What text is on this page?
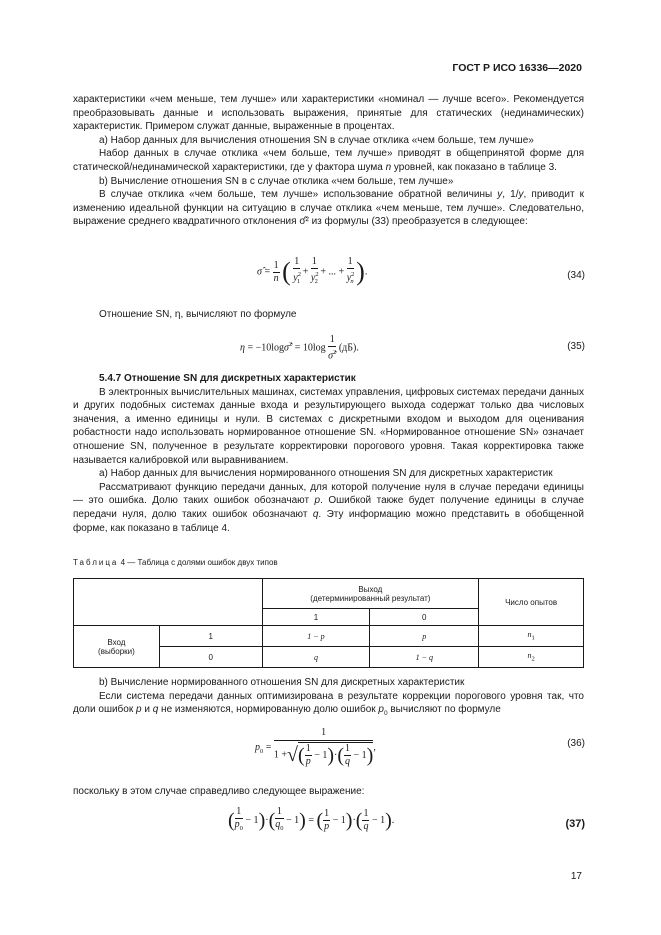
ГОСТ Р ИСО 16336—2020
характеристики «чем меньше, тем лучше» или характеристики «номинал — лучше всего». Рекомендуется преобразовывать данные и использовать выражения, принятые для статических (нединамических) характеристик. Примером служат данные, выраженные в процентах.
a) Набор данных для вычисления отношения SN в случае отклика «чем больше, тем лучше»
Набор данных в случае отклика «чем больше, тем лучше» приводят в общепринятой форме для статической/нединамической характеристики, где у фактора шума n уровней, как показано в таблице 3.
b) Вычисление отношения SN в с случае отклика «чем больше, тем лучше»
В случае отклика «чем больше, тем лучше» использование обратной величины y, 1/y, приводит к изменению идеальной функции на ситуацию в случае отклика «чем меньше, тем лучше». Следовательно, выражение среднего квадратичного отклонения σ̂² из формулы (33) преобразуется в следующее:
σ̂ = $\frac{1}{n}$ ( $\frac{1}{y^2_1} + \frac{1}{y^2_2}$ + ... + $\frac{1}{y^2_n}$ ).	(34)
Отношение SN, η, вычисляют по формуле
η = −10logσ̂$^2$ = $10\log \frac{1}{\sigmâ^2} (дБ)$.	(35)
5.4.7 Отношение SN для дискретных характеристик
В электронных вычислительных машинах, системах управления, цифровых системах передачи данных и других подобных системах данные входа и результирующего выхода содержат только два числовых значения, а именно единицы и нули. В системах с дискретными входом и выходом для оценивания робастности надо использовать нормированное отношение SN. «Нормированное отношение SN» означает отношение SN, полученное в результате корректировки порогового уровня. Такая корректировка также называется калибровкой или выравниванием.
a) Набор данных для вычисления нормированного отношения SN для дискретных характеристик
Рассматривают функцию передачи данных, для которой получение нуля в случае передачи единицы — это ошибка. Долю таких ошибок обозначают p. Ошибкой также будет получение единицы в случае передачи нуля, долю таких ошибок обозначают q. Эту информацию можно представить в обобщенной форме, как показано в таблице 4.
Таблица 4 — Таблица с долями ошибок двух типов

		Выход
(детерминированный результат)		Число опытов
		1	0	

Вход
(выборки)	1	1 − p	p	$n_1$
	0	q	1 − q	$n_2$
b) Вычисление нормированного отношения SN для дискретных характеристик
Если система передачи данных оптимизирована в результате коррекции порогового уровня так, что доли ошибок p и q не изменяются, нормированную долю ошибок $p_0$ вычисляют по формуле
$p_0 = \frac{1}{1 +√( \frac{1}{p} - 1)\cdot( \frac{1}{q} - 1)}$ ,	(36)
поскольку в этом случае справедливо следующее выражение:
( $\frac{1}{p_0} - 1)\cdot( \frac{1}{q_0} - 1)$ = ( $\frac{1}{p} - 1)\cdot( \frac{1}{q} - 1)$.	(37)
17
